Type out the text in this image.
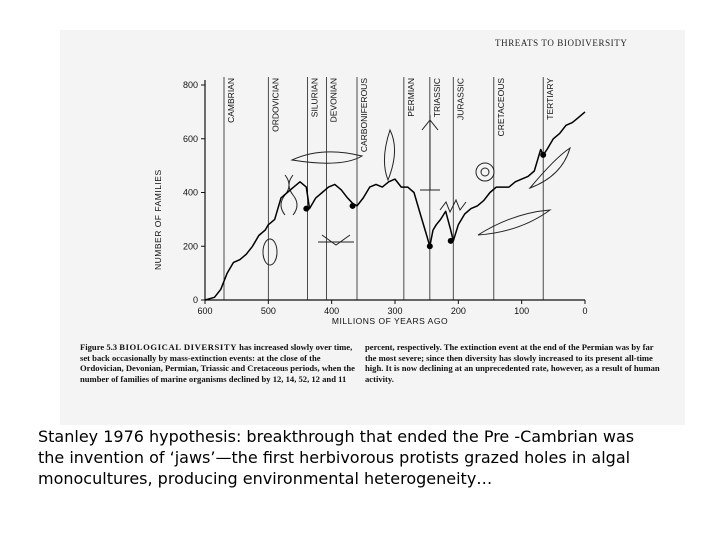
THREATS TO BIODIVERSITY
CAMBRIAN	ORDOVICIAN	SILURIAN DEVONIAN CARBONIFEROUS	PERMIAN TRIASSIC JURASSIC	CRETACEOUS	TERTIARY
0
200
400
600
800
600	500	400	300	200	100	0
NUMBER OF FAMILIES
MILLIONS OF YEARS AGO
Figure 5.3 BIOLOGICAL DIVERSITY has increased slowly over time, set back occasionally by mass-extinction events: at the close of the Ordovician, Devonian, Permian, Triassic and Cretaceous periods, when the number of families of marine organisms declined by 12, 14, 52, 12 and 11
percent, respectively. The extinction event at the end of the Permian was by far the most severe; since then diversity has slowly increased to its present all-time high. It is now declining at an unprecedented rate, however, as a result of human activity.
Stanley 1976 hypothesis: breakthrough that ended the Pre -Cambrian was the invention of ‘jaws’—the first herbivorous protists grazed holes in algal monocultures, producing environmental heterogeneity…
